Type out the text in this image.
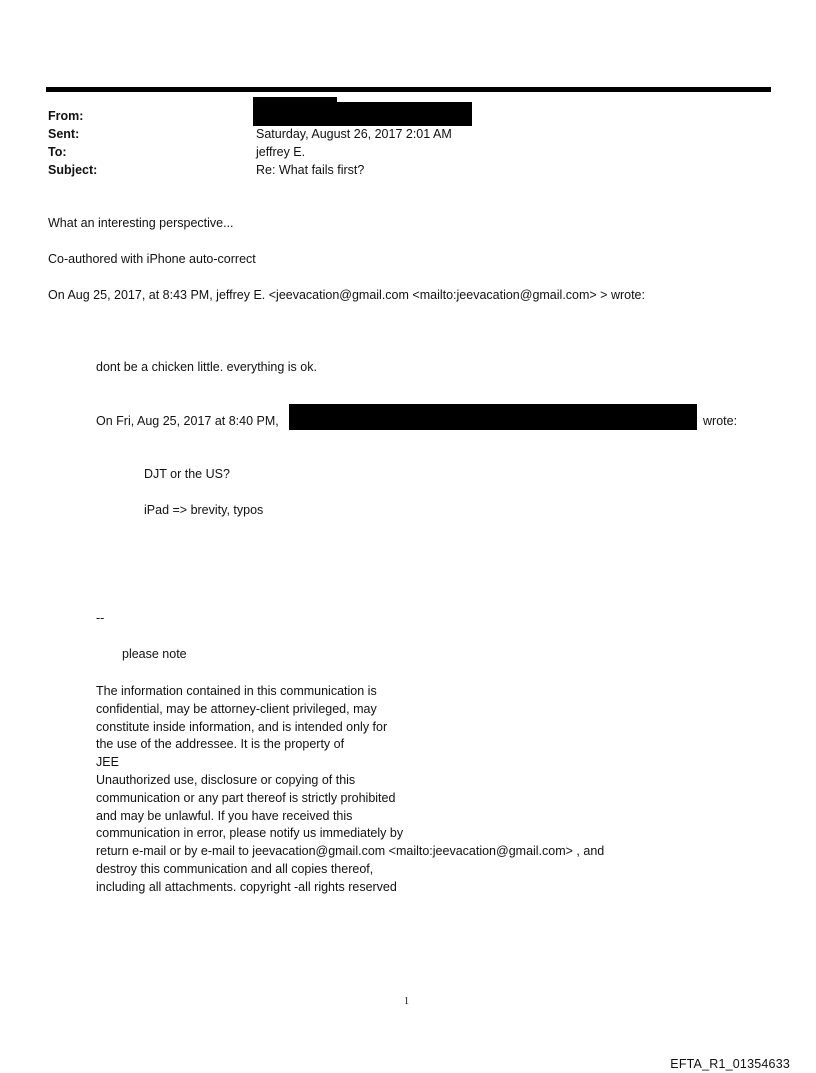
From:
Sent:
To:
Subject:
Saturday, August 26, 2017 2:01 AM
jeffrey E.
Re: What fails first?
What an interesting perspective...
Co-authored with iPhone auto-correct
On Aug 25, 2017, at 8:43 PM, jeffrey E. <jeevacation@gmail.com <mailto:jeevacation@gmail.com> > wrote:
dont be a chicken little. everything is ok.
On Fri, Aug 25, 2017 at 8:40 PM,	wrote:
DJT or the US?
iPad => brevity, typos
--
please note
The information contained in this communication is
confidential, may be attorney-client privileged, may
constitute inside information, and is intended only for
the use of the addressee. It is the property of
JEE
Unauthorized use, disclosure or copying of this
communication or any part thereof is strictly prohibited
and may be unlawful. If you have received this
communication in error, please notify us immediately by
return e-mail or by e-mail to jeevacation@gmail.com <mailto:jeevacation@gmail.com> , and
destroy this communication and all copies thereof,
including all attachments. copyright -all rights reserved
1
EFTA_R1_01354633
